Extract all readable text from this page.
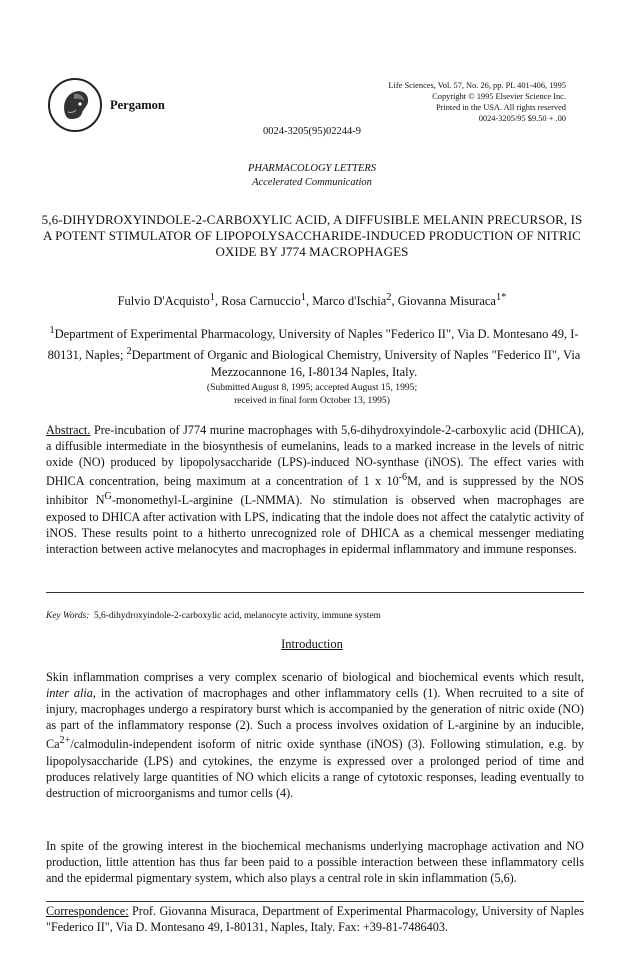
Pergamon
Life Sciences, Vol. 57, No. 26, pp. PL 401-406, 1995
Copyright © 1995 Elsevier Science Inc.
Printed in the USA. All rights reserved
0024-3205/95 $9.50 + .00
0024-3205(95)02244-9
PHARMACOLOGY LETTERS
Accelerated Communication
5,6-DIHYDROXYINDOLE-2-CARBOXYLIC ACID, A DIFFUSIBLE MELANIN PRECURSOR, IS A POTENT STIMULATOR OF LIPOPOLYSACCHARIDE-INDUCED PRODUCTION OF NITRIC OXIDE BY J774 MACROPHAGES
Fulvio D'Acquisto$^1$, Rosa Carnuccio$^1$, Marco d'Ischia$^2$, Giovanna Misuraca$^{1*}$
$^1$Department of Experimental Pharmacology, University of Naples "Federico II", Via D. Montesano 49, I-80131, Naples; $^2$Department of Organic and Biological Chemistry, University of Naples "Federico II", Via Mezzocannone 16, I-80134 Naples, Italy.
(Submitted August 8, 1995; accepted August 15, 1995;
received in final form October 13, 1995)
Abstract. Pre-incubation of J774 murine macrophages with 5,6-dihydroxyindole-2-carboxylic acid (DHICA), a diffusible intermediate in the biosynthesis of eumelanins, leads to a marked increase in the levels of nitric oxide (NO) produced by lipopolysaccharide (LPS)-induced NO-synthase (iNOS). The effect varies with DHICA concentration, being maximum at a concentration of 1 x $10^{-6}M$, and is suppressed by the NOS inhibitor $N^G-monomethyl-L$-arginine (L-NMMA). No stimulation is observed when macrophages are exposed to DHICA after activation with LPS, indicating that the indole does not affect the catalytic activity of iNOS. These results point to a hitherto unrecognized role of DHICA as a chemical messenger mediating interaction between active melanocytes and macrophages in epidermal inflammatory and immune responses.
Key Words: 5,6-dihydroxyindole-2-carboxylic acid, melanocyte activity, immune system
Introduction
Skin inflammation comprises a very complex scenario of biological and biochemical events which result, inter alia, in the activation of macrophages and other inflammatory cells (1). When recruited to a site of injury, macrophages undergo a respiratory burst which is accompanied by the generation of nitric oxide (NO) as part of the inflammatory response (2). Such a process involves oxidation of L-arginine by an inducible, $Ca^{2+}/calmodulin$-independent isoform of nitric oxide synthase (iNOS) (3). Following stimulation, e.g. by lipopolysaccharide (LPS) and cytokines, the enzyme is expressed over a prolonged period of time and produces relatively large quantities of NO which elicits a range of cytotoxic responses, leading eventually to destruction of microorganisms and tumor cells (4).
In spite of the growing interest in the biochemical mechanisms underlying macrophage activation and NO production, little attention has thus far been paid to a possible interaction between these inflammatory cells and the epidermal pigmentary system, which also plays a central role in skin inflammation (5,6).
Correspondence: Prof. Giovanna Misuraca, Department of Experimental Pharmacology, University of Naples "Federico II", Via D. Montesano 49, I-80131, Naples, Italy. Fax: +39-81-7486403.
